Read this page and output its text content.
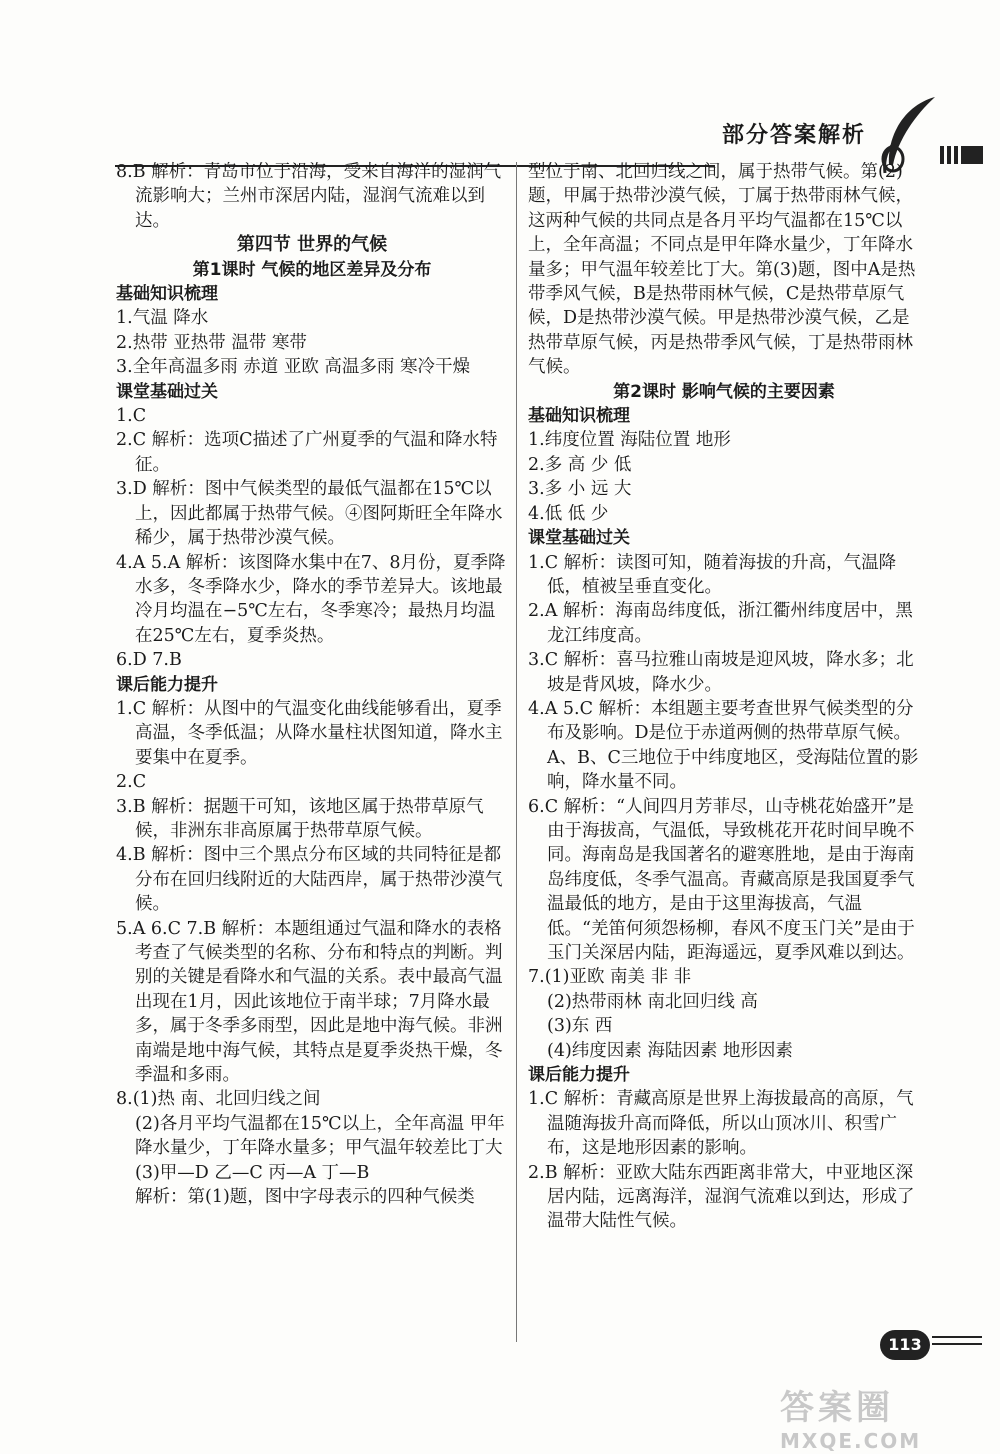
部分答案解析

8.B 解析：青岛市位于沿海，受来自海洋的湿润气流影响大；兰州市深居内陆，湿润气流难以到达。

第四节 世界的气候

第1课时 气候的地区差异及分布

基础知识梳理

1.气温 降水

2.热带 亚热带 温带 寒带

3.全年高温多雨 赤道 亚欧 高温多雨 寒冷干燥

课堂基础过关

1.C

2.C 解析：选项C描述了广州夏季的气温和降水特征。

3.D 解析：图中气候类型的最低气温都在15℃以上，因此都属于热带气候。④图阿斯旺全年降水稀少，属于热带沙漠气候。

4.A 5.A 解析：该图降水集中在7、8月份，夏季降水多，冬季降水少，降水的季节差异大。该地最冷月均温在−5℃左右，冬季寒冷；最热月均温在25℃左右，夏季炎热。

6.D 7.B

课后能力提升

1.C 解析：从图中的气温变化曲线能够看出，夏季高温，冬季低温；从降水量柱状图知道，降水主要集中在夏季。

2.C

3.B 解析：据题干可知，该地区属于热带草原气候，非洲东非高原属于热带草原气候。

4.B 解析：图中三个黑点分布区域的共同特征是都分布在回归线附近的大陆西岸，属于热带沙漠气候。

5.A 6.C 7.B 解析：本题组通过气温和降水的表格考查了气候类型的名称、分布和特点的判断。判别的关键是看降水和气温的关系。表中最高气温出现在1月，因此该地位于南半球；7月降水最多，属于冬季多雨型，因此是地中海气候。非洲南端是地中海气候，其特点是夏季炎热干燥，冬季温和多雨。

8.(1)热 南、北回归线之间

(2)各月平均气温都在15℃以上，全年高温 甲年降水量少，丁年降水量多；甲气温年较差比丁大

(3)甲—D 乙—C 丙—A 丁—B

解析：第(1)题，图中字母表示的四种气候类

型位于南、北回归线之间，属于热带气候。第(2)题，甲属于热带沙漠气候，丁属于热带雨林气候，这两种气候的共同点是各月平均气温都在15℃以上，全年高温；不同点是甲年降水量少，丁年降水量多；甲气温年较差比丁大。第(3)题，图中A是热带季风气候，B是热带雨林气候，C是热带草原气候，D是热带沙漠气候。甲是热带沙漠气候，乙是热带草原气候，丙是热带季风气候，丁是热带雨林气候。

第2课时 影响气候的主要因素

基础知识梳理

1.纬度位置 海陆位置 地形

2.多 高 少 低

3.多 小 远 大

4.低 低 少

课堂基础过关

1.C 解析：读图可知，随着海拔的升高，气温降低，植被呈垂直变化。

2.A 解析：海南岛纬度低，浙江衢州纬度居中，黑龙江纬度高。

3.C 解析：喜马拉雅山南坡是迎风坡，降水多；北坡是背风坡，降水少。

4.A 5.C 解析：本组题主要考查世界气候类型的分布及影响。D是位于赤道两侧的热带草原气候。A、B、C三地位于中纬度地区，受海陆位置的影响，降水量不同。

6.C 解析：“人间四月芳菲尽，山寺桃花始盛开”是由于海拔高，气温低，导致桃花开花时间早晚不同。海南岛是我国著名的避寒胜地，是由于海南岛纬度低，冬季气温高。青藏高原是我国夏季气温最低的地方，是由于这里海拔高，气温低。“羌笛何须怨杨柳，春风不度玉门关”是由于玉门关深居内陆，距海遥远，夏季风难以到达。

7.(1)亚欧 南美 非 非

(2)热带雨林 南北回归线 高

(3)东 西

(4)纬度因素 海陆因素 地形因素

课后能力提升

1.C 解析：青藏高原是世界上海拔最高的高原，气温随海拔升高而降低，所以山顶冰川、积雪广布，这是地形因素的影响。

2.B 解析：亚欧大陆东西距离非常大，中亚地区深居内陆，远离海洋，湿润气流难以到达，形成了温带大陆性气候。

113
答案圈
MXQE.COM
